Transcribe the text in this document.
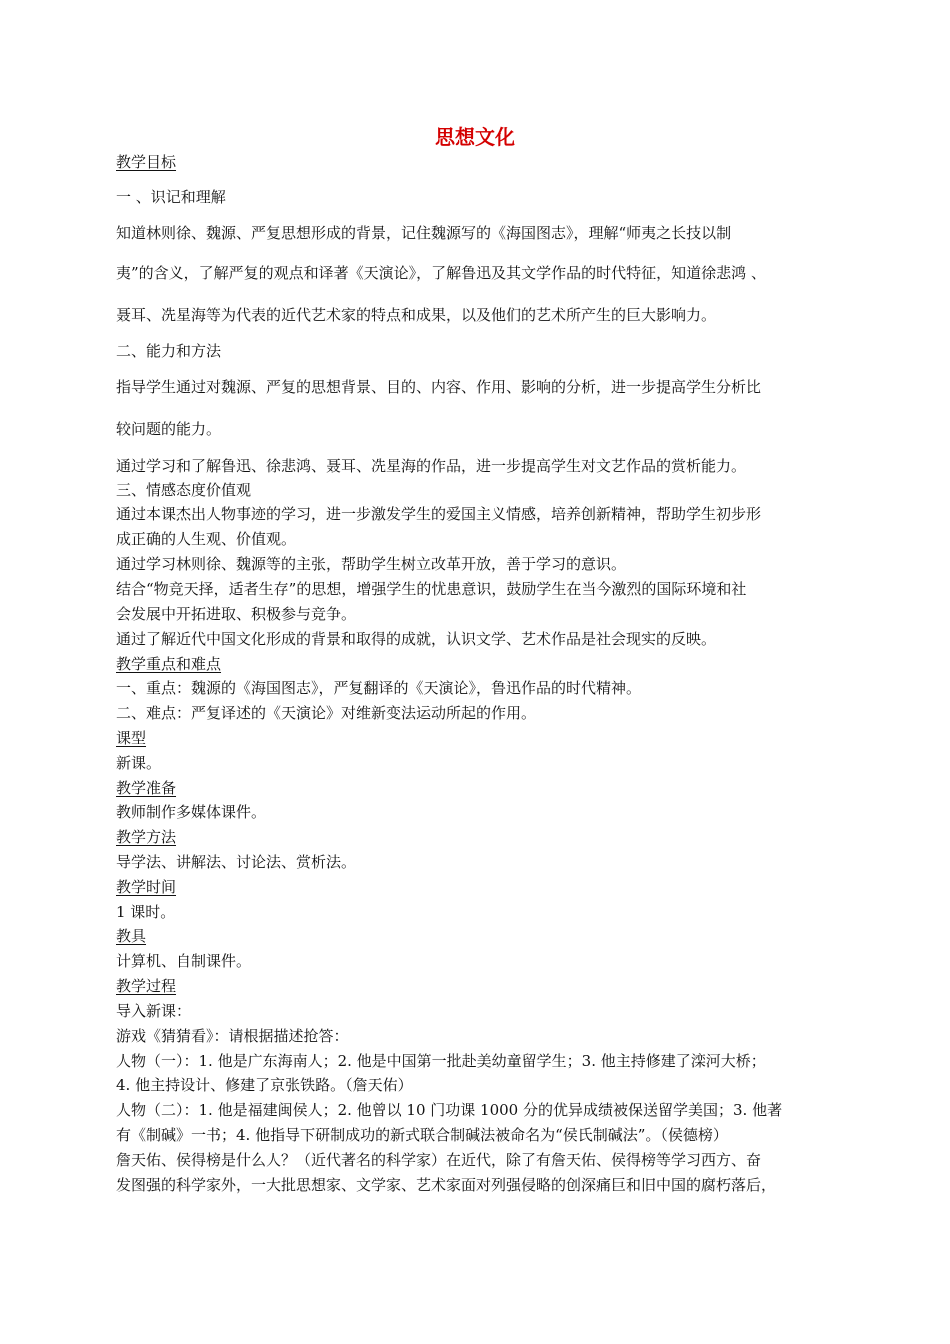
思想文化
教学目标
一 、识记和理解
知道林则徐、魏源、严复思想形成的背景，记住魏源写的《海国图志》，理解“师夷之长技以制
夷”的含义，了解严复的观点和译著《天演论》，了解鲁迅及其文学作品的时代特征，知道徐悲鸿 、
聂耳、冼星海等为代表的近代艺术家的特点和成果，以及他们的艺术所产生的巨大影响力。
二、能力和方法
指导学生通过对魏源、严复的思想背景、目的、内容、作用、影响的分析，进一步提高学生分析比
较问题的能力。
通过学习和了解鲁迅、徐悲鸿、聂耳、冼星海的作品，进一步提高学生对文艺作品的赏析能力。
三、情感态度价值观
通过本课杰出人物事迹的学习，进一步激发学生的爱国主义情感，培养创新精神，帮助学生初步形
成正确的人生观、价值观。
通过学习林则徐、魏源等的主张，帮助学生树立改革开放，善于学习的意识。
结合“物竞天择，适者生存”的思想，增强学生的忧患意识，鼓励学生在当今激烈的国际环境和社
会发展中开拓进取、积极参与竞争。
通过了解近代中国文化形成的背景和取得的成就，认识文学、艺术作品是社会现实的反映。
教学重点和难点
一、重点：魏源的《海国图志》，严复翻译的《天演论》，鲁迅作品的时代精神。
二、难点：严复译述的《天演论》对维新变法运动所起的作用。
课型
新课。
教学准备
教师制作多媒体课件。
教学方法
导学法、讲解法、讨论法、赏析法。
教学时间
1 课时。
教具
计算机、自制课件。
教学过程
导入新课：
游戏《猜猜看》：请根据描述抢答：
人物（一）：1. 他是广东海南人；2. 他是中国第一批赴美幼童留学生；3. 他主持修建了滦河大桥；
4. 他主持设计、修建了京张铁路。（詹天佑）
人物（二）：1. 他是福建闽侯人；2. 他曾以 10 门功课 1000 分的优异成绩被保送留学美国；3. 他著
有《制碱》一书；4. 他指导下研制成功的新式联合制碱法被命名为“侯氏制碱法”。（侯德榜）
詹天佑、侯得榜是什么人？（近代著名的科学家）在近代，除了有詹天佑、侯得榜等学习西方、奋
发图强的科学家外，一大批思想家、文学家、艺术家面对列强侵略的创深痛巨和旧中国的腐朽落后，
